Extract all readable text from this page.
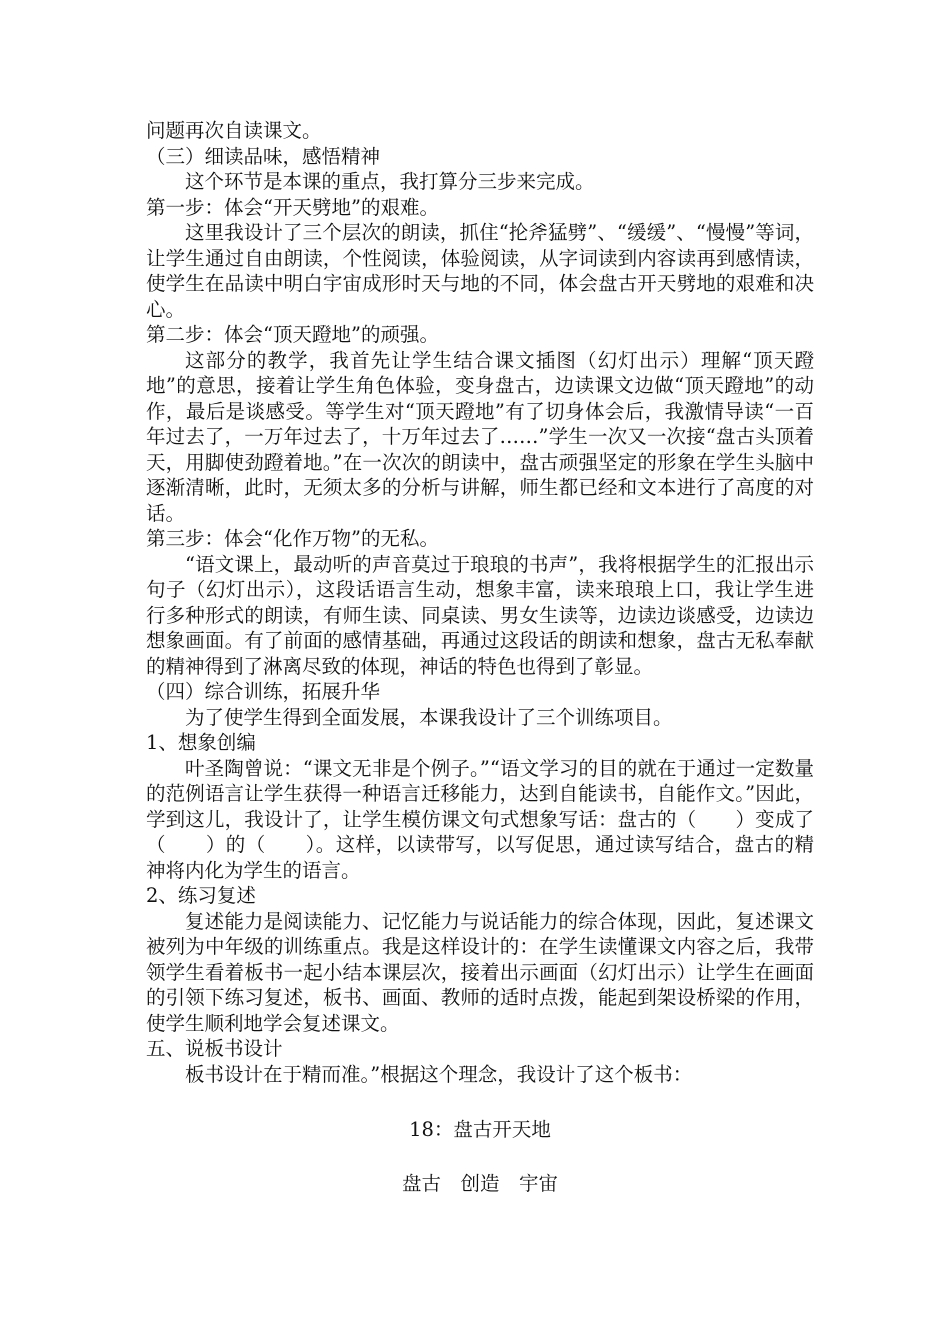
问题再次自读课文。

（三）细读品味，感悟精神

这个环节是本课的重点，我打算分三步来完成。

第一步：体会“开天劈地”的艰难。

这里我设计了三个层次的朗读，抓住“抡斧猛劈”、“缓缓”、“慢慢”等词，让学生通过自由朗读，个性阅读，体验阅读，从字词读到内容读再到感情读，使学生在品读中明白宇宙成形时天与地的不同，体会盘古开天劈地的艰难和决心。

第二步：体会“顶天蹬地”的顽强。

这部分的教学，我首先让学生结合课文插图（幻灯出示）理解“顶天蹬地”的意思，接着让学生角色体验，变身盘古，边读课文边做“顶天蹬地”的动作，最后是谈感受。等学生对“顶天蹬地”有了切身体会后，我激情导读“一百年过去了，一万年过去了，十万年过去了……”学生一次又一次接“盘古头顶着天，用脚使劲蹬着地。”在一次次的朗读中，盘古顽强坚定的形象在学生头脑中逐渐清晰，此时，无须太多的分析与讲解，师生都已经和文本进行了高度的对话。

第三步：体会“化作万物”的无私。

“语文课上，最动听的声音莫过于琅琅的书声”，我将根据学生的汇报出示句子（幻灯出示），这段话语言生动，想象丰富，读来琅琅上口，我让学生进行多种形式的朗读，有师生读、同桌读、男女生读等，边读边谈感受，边读边想象画面。有了前面的感情基础，再通过这段话的朗读和想象，盘古无私奉献的精神得到了淋离尽致的体现，神话的特色也得到了彰显。

（四）综合训练，拓展升华

为了使学生得到全面发展，本课我设计了三个训练项目。

1、想象创编

叶圣陶曾说：“课文无非是个例子。”“语文学习的目的就在于通过一定数量的范例语言让学生获得一种语言迁移能力，达到自能读书，自能作文。”因此，学到这儿，我设计了，让学生模仿课文句式想象写话：盘古的（　　）变成了（　　）的（　　）。这样，以读带写，以写促思，通过读写结合，盘古的精神将内化为学生的语言。

2、练习复述

复述能力是阅读能力、记忆能力与说话能力的综合体现，因此，复述课文被列为中年级的训练重点。我是这样设计的：在学生读懂课文内容之后，我带领学生看着板书一起小结本课层次，接着出示画面（幻灯出示）让学生在画面的引领下练习复述，板书、画面、教师的适时点拨，能起到架设桥梁的作用，使学生顺利地学会复述课文。

五、说板书设计

板书设计在于精而准。”根据这个理念，我设计了这个板书：

18：盘古开天地

盘古　创造　宇宙
